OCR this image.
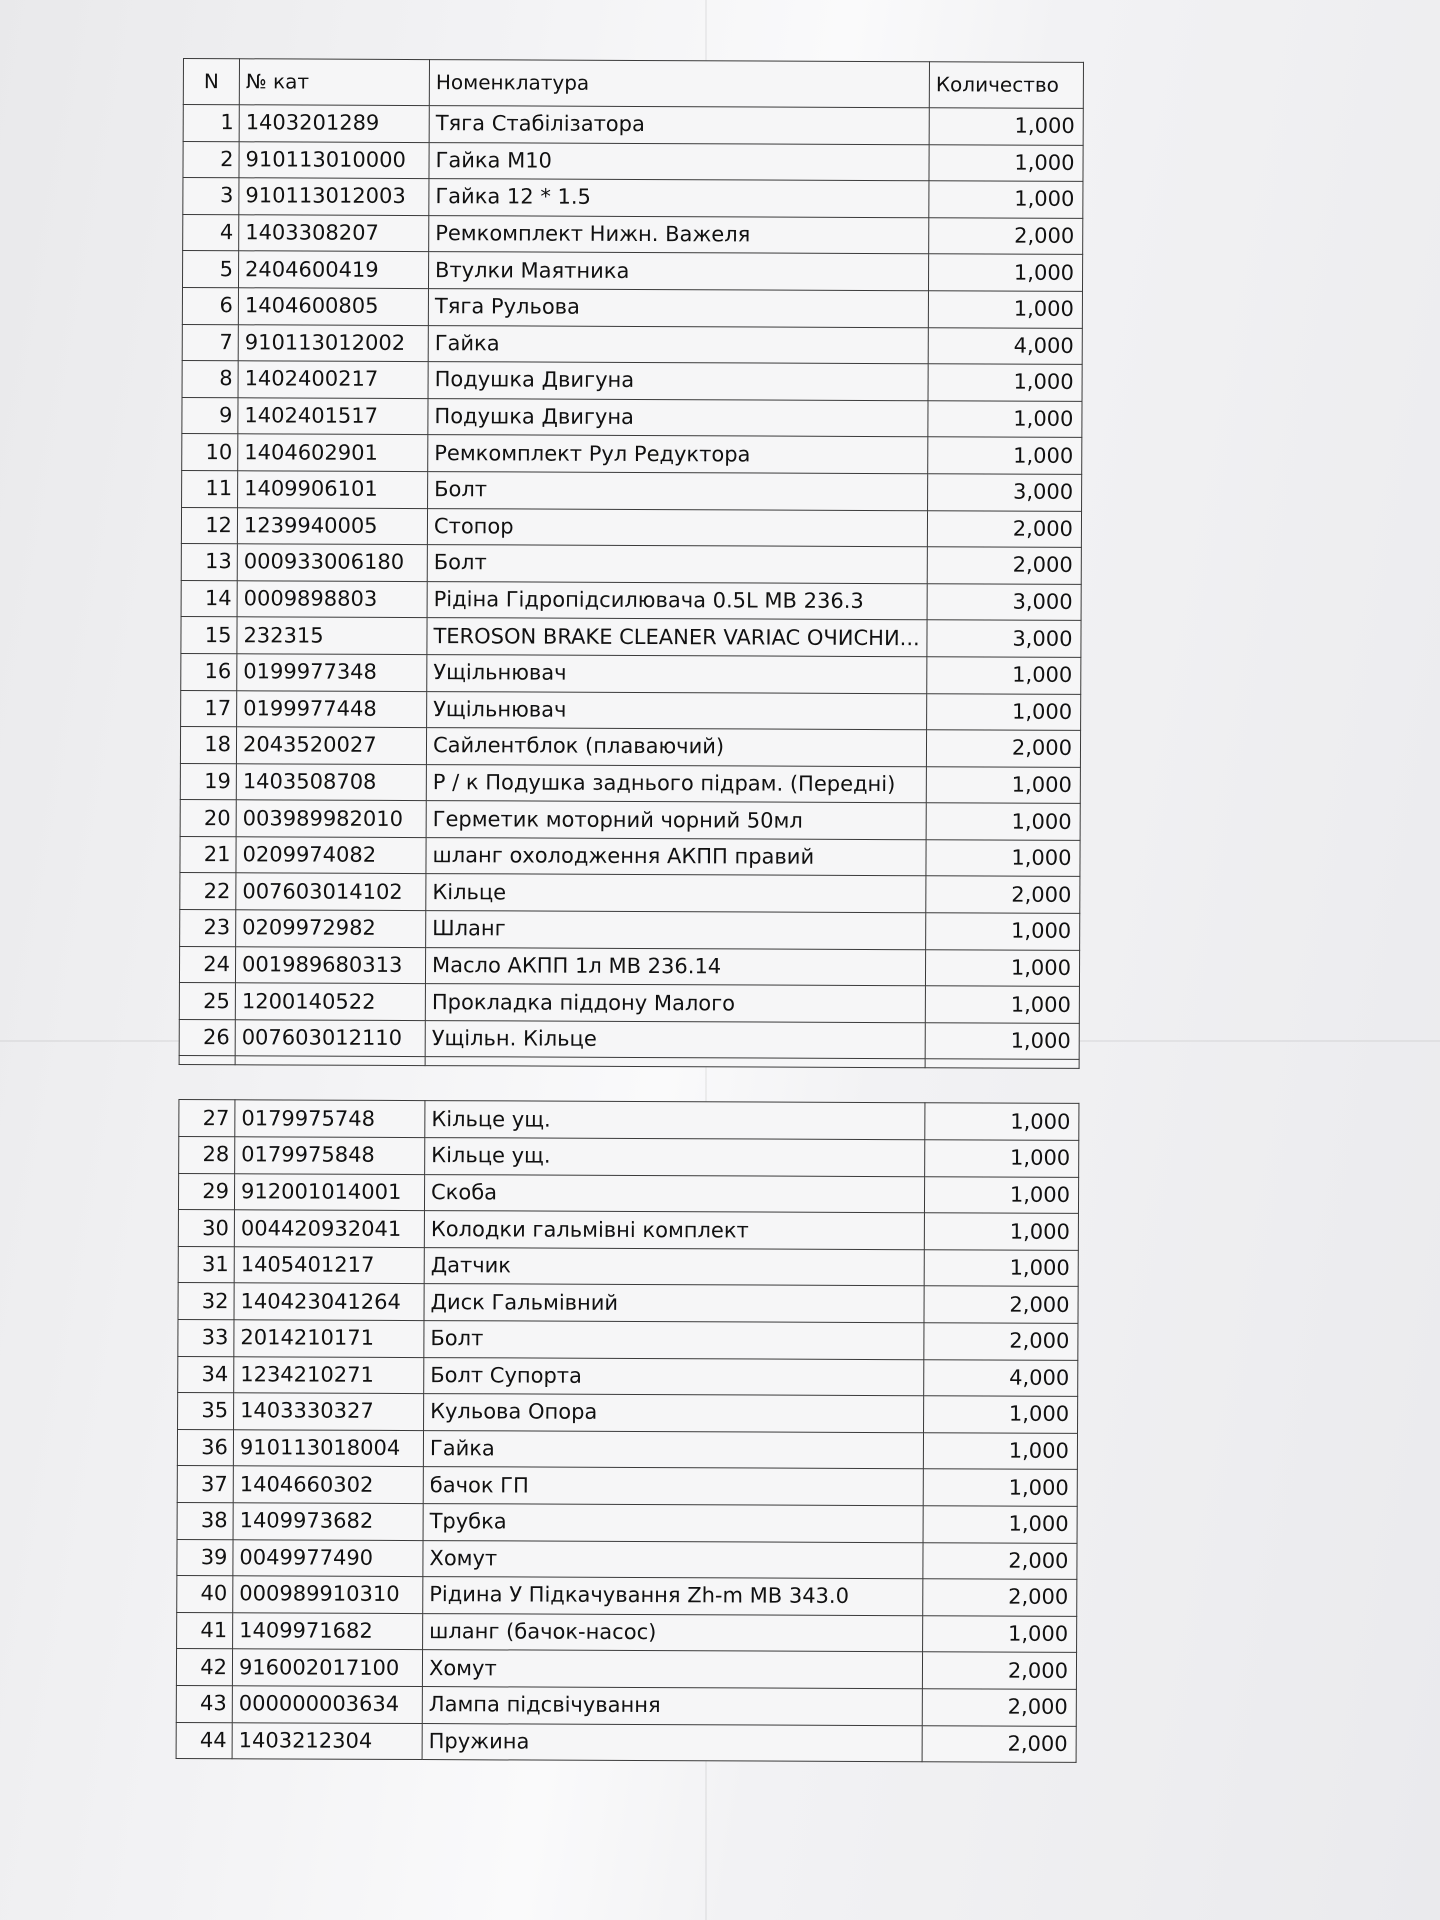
N	№ кат	Номенклатура	Количество
1	1403201289	Тяга Стабілізатора	1,000
2	910113010000	Гайка М10	1,000
3	910113012003	Гайка 12 * 1.5	1,000
4	1403308207	Ремкомплект Нижн. Важеля	2,000
5	2404600419	Втулки Маятника	1,000
6	1404600805	Тяга Рульова	1,000
7	910113012002	Гайка	4,000
8	1402400217	Подушка Двигуна	1,000
9	1402401517	Подушка Двигуна	1,000
10	1404602901	Ремкомплект Рул Редуктора	1,000
11	1409906101	Болт	3,000
12	1239940005	Стопор	2,000
13	000933006180	Болт	2,000
14	0009898803	Рідіна Гідропідсилювача 0.5L MB 236.3	3,000
15	232315	TEROSON BRAKE CLEANER VARIAC ОЧИСНИ...	3,000
16	0199977348	Ущільнювач	1,000
17	0199977448	Ущільнювач	1,000
18	2043520027	Сайлентблок (плаваючий)	2,000
19	1403508708	Р / к Подушка заднього підрам. (Передні)	1,000
20	003989982010	Герметик моторний чорний 50мл	1,000
21	0209974082	шланг охолодження АКПП правий	1,000
22	007603014102	Кільце	2,000
23	0209972982	Шланг	1,000
24	001989680313	Масло АКПП 1л MB 236.14	1,000
25	1200140522	Прокладка піддону Малого	1,000
26	007603012110	Ущільн. Кільце	1,000

27	0179975748	Кільце ущ.	1,000
28	0179975848	Кільце ущ.	1,000
29	912001014001	Скоба	1,000
30	004420932041	Колодки гальмівні комплект	1,000
31	1405401217	Датчик	1,000
32	140423041264	Диск Гальмівний	2,000
33	2014210171	Болт	2,000
34	1234210271	Болт Супорта	4,000
35	1403330327	Кульова Опора	1,000
36	910113018004	Гайка	1,000
37	1404660302	бачок ГП	1,000
38	1409973682	Трубка	1,000
39	0049977490	Хомут	2,000
40	000989910310	Рідина У Підкачування Zh-m MB 343.0	2,000
41	1409971682	шланг (бачок-насос)	1,000
42	916002017100	Хомут	2,000
43	000000003634	Лампа підсвічування	2,000
44	1403212304	Пружина	2,000
